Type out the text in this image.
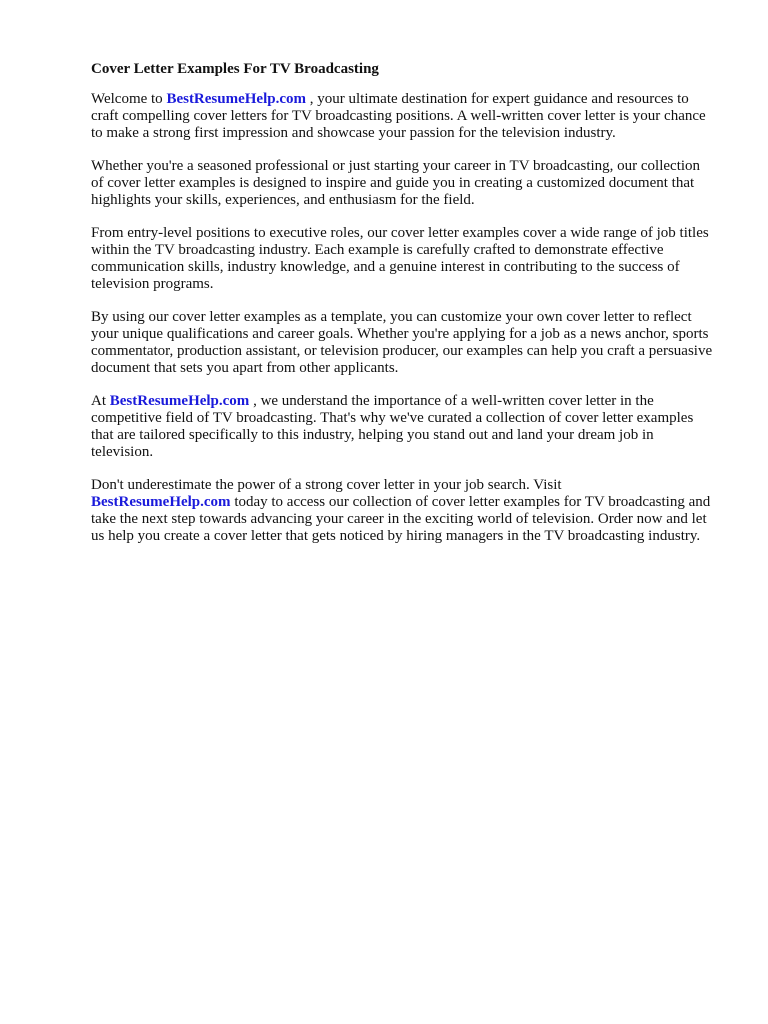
Cover Letter Examples For TV Broadcasting

Welcome to BestResumeHelp.com , your ultimate destination for expert guidance and resources to craft compelling cover letters for TV broadcasting positions. A well-written cover letter is your chance to make a strong first impression and showcase your passion for the television industry.

Whether you're a seasoned professional or just starting your career in TV broadcasting, our collection of cover letter examples is designed to inspire and guide you in creating a customized document that highlights your skills, experiences, and enthusiasm for the field.

From entry-level positions to executive roles, our cover letter examples cover a wide range of job titles within the TV broadcasting industry. Each example is carefully crafted to demonstrate effective communication skills, industry knowledge, and a genuine interest in contributing to the success of television programs.

By using our cover letter examples as a template, you can customize your own cover letter to reflect your unique qualifications and career goals. Whether you're applying for a job as a news anchor, sports commentator, production assistant, or television producer, our examples can help you craft a persuasive document that sets you apart from other applicants.

At BestResumeHelp.com , we understand the importance of a well-written cover letter in the competitive field of TV broadcasting. That's why we've curated a collection of cover letter examples that are tailored specifically to this industry, helping you stand out and land your dream job in television.

Don't underestimate the power of a strong cover letter in your job search. Visit
BestResumeHelp.com today to access our collection of cover letter examples for TV broadcasting and take the next step towards advancing your career in the exciting world of television. Order now and let us help you create a cover letter that gets noticed by hiring managers in the TV broadcasting industry.
